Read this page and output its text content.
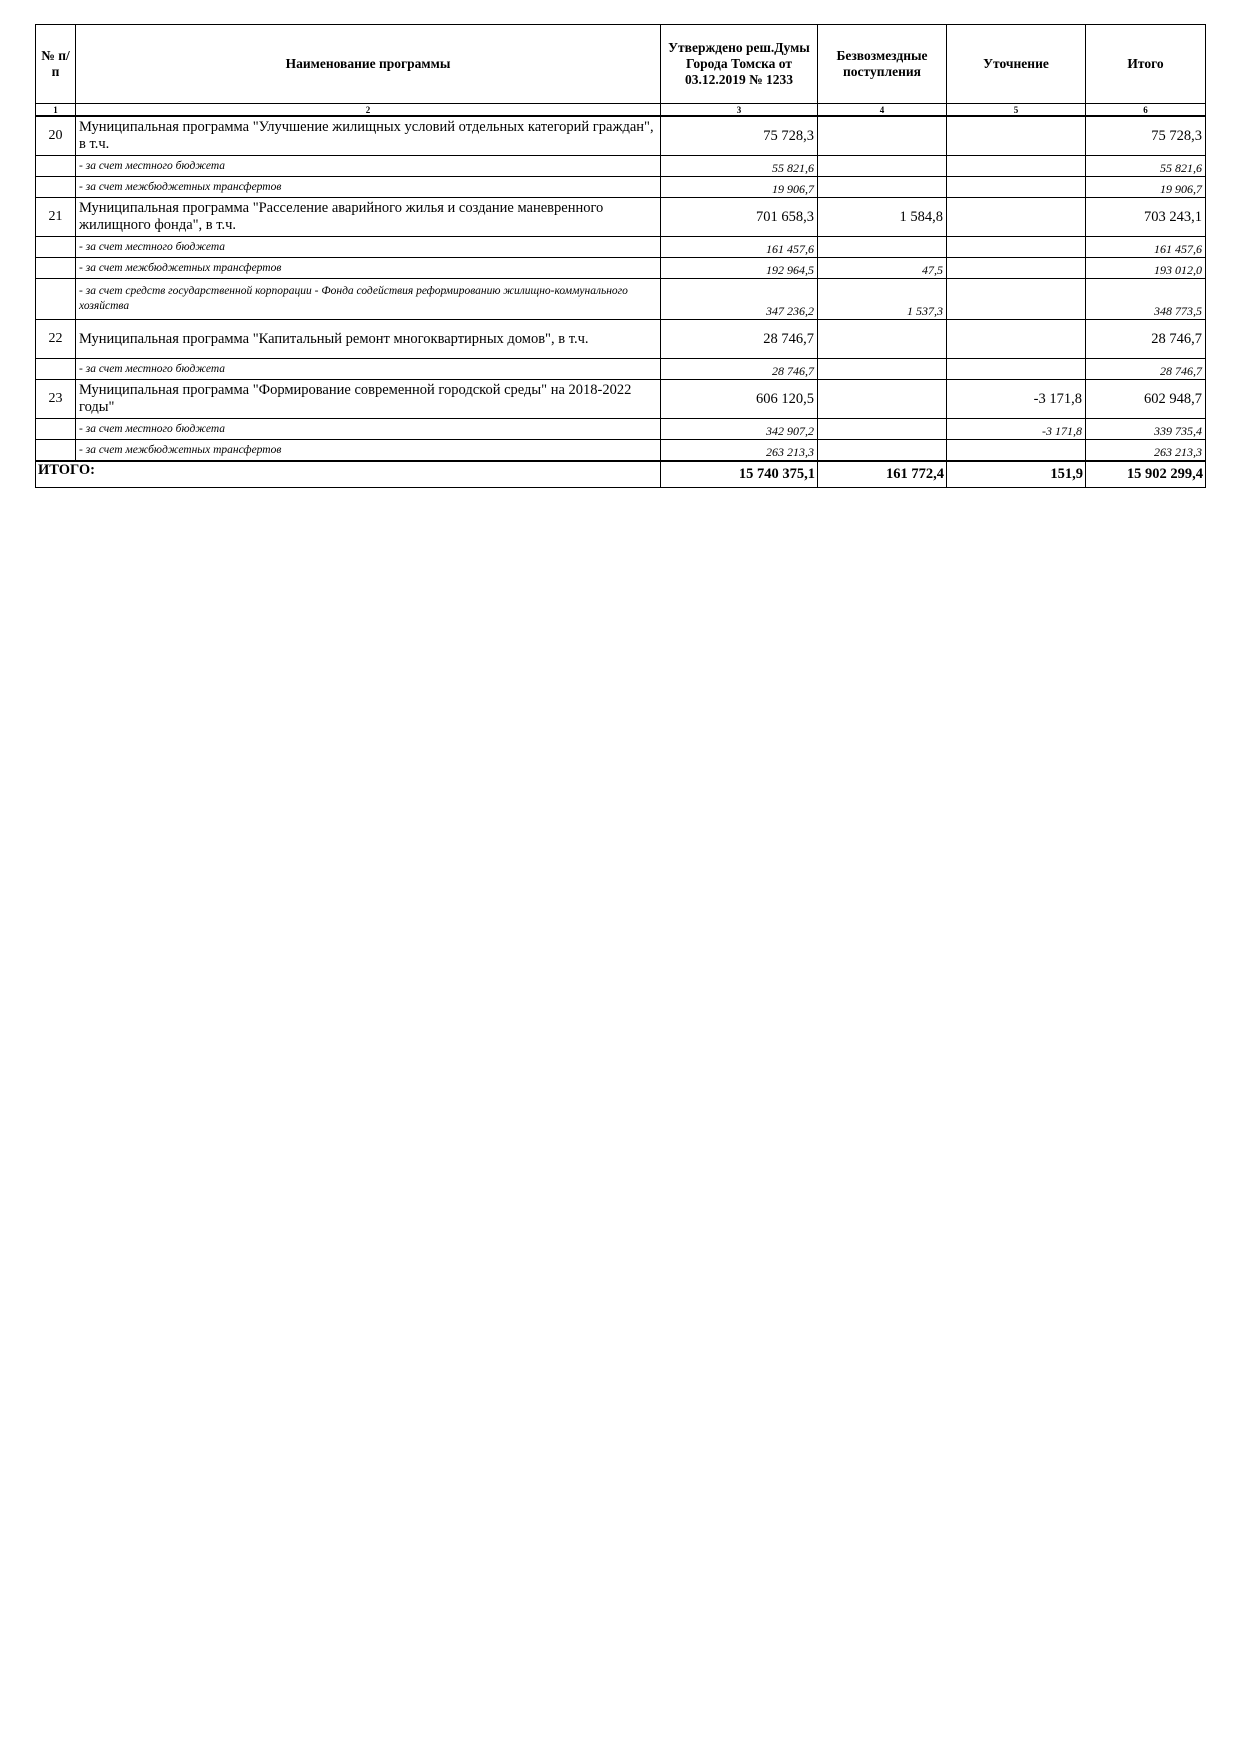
№ п/п	Наименование программы	Утверждено реш.Думы Города Томска от 03.12.2019 № 1233	Безвозмездные поступления	Уточнение	Итого
1	2	3	4	5	6
20	Муниципальная программа "Улучшение жилищных условий отдельных категорий граждан", в т.ч.	75 728,3			75 728,3
	- за счет местного бюджета	55 821,6			55 821,6
	- за счет межбюджетных трансфертов	19 906,7			19 906,7
21	Муниципальная программа "Расселение аварийного жилья и создание маневренного жилищного фонда", в т.ч.	701 658,3	1 584,8		703 243,1
	- за счет местного бюджета	161 457,6			161 457,6
	- за счет межбюджетных трансфертов	192 964,5	47,5		193 012,0
	- за счет средств государственной корпорации - Фонда содействия реформированию жилищно-коммунального хозяйства	347 236,2	1 537,3		348 773,5
22	Муниципальная программа "Капитальный ремонт многоквартирных домов", в т.ч.	28 746,7			28 746,7
	- за счет местного бюджета	28 746,7			28 746,7
23	Муниципальная программа "Формирование современной городской среды" на 2018-2022 годы"	606 120,5		-3 171,8	602 948,7
	- за счет местного бюджета	342 907,2		-3 171,8	339 735,4
	- за счет межбюджетных трансфертов	263 213,3			263 213,3
ИТОГО:		15 740 375,1	161 772,4	151,9	15 902 299,4
